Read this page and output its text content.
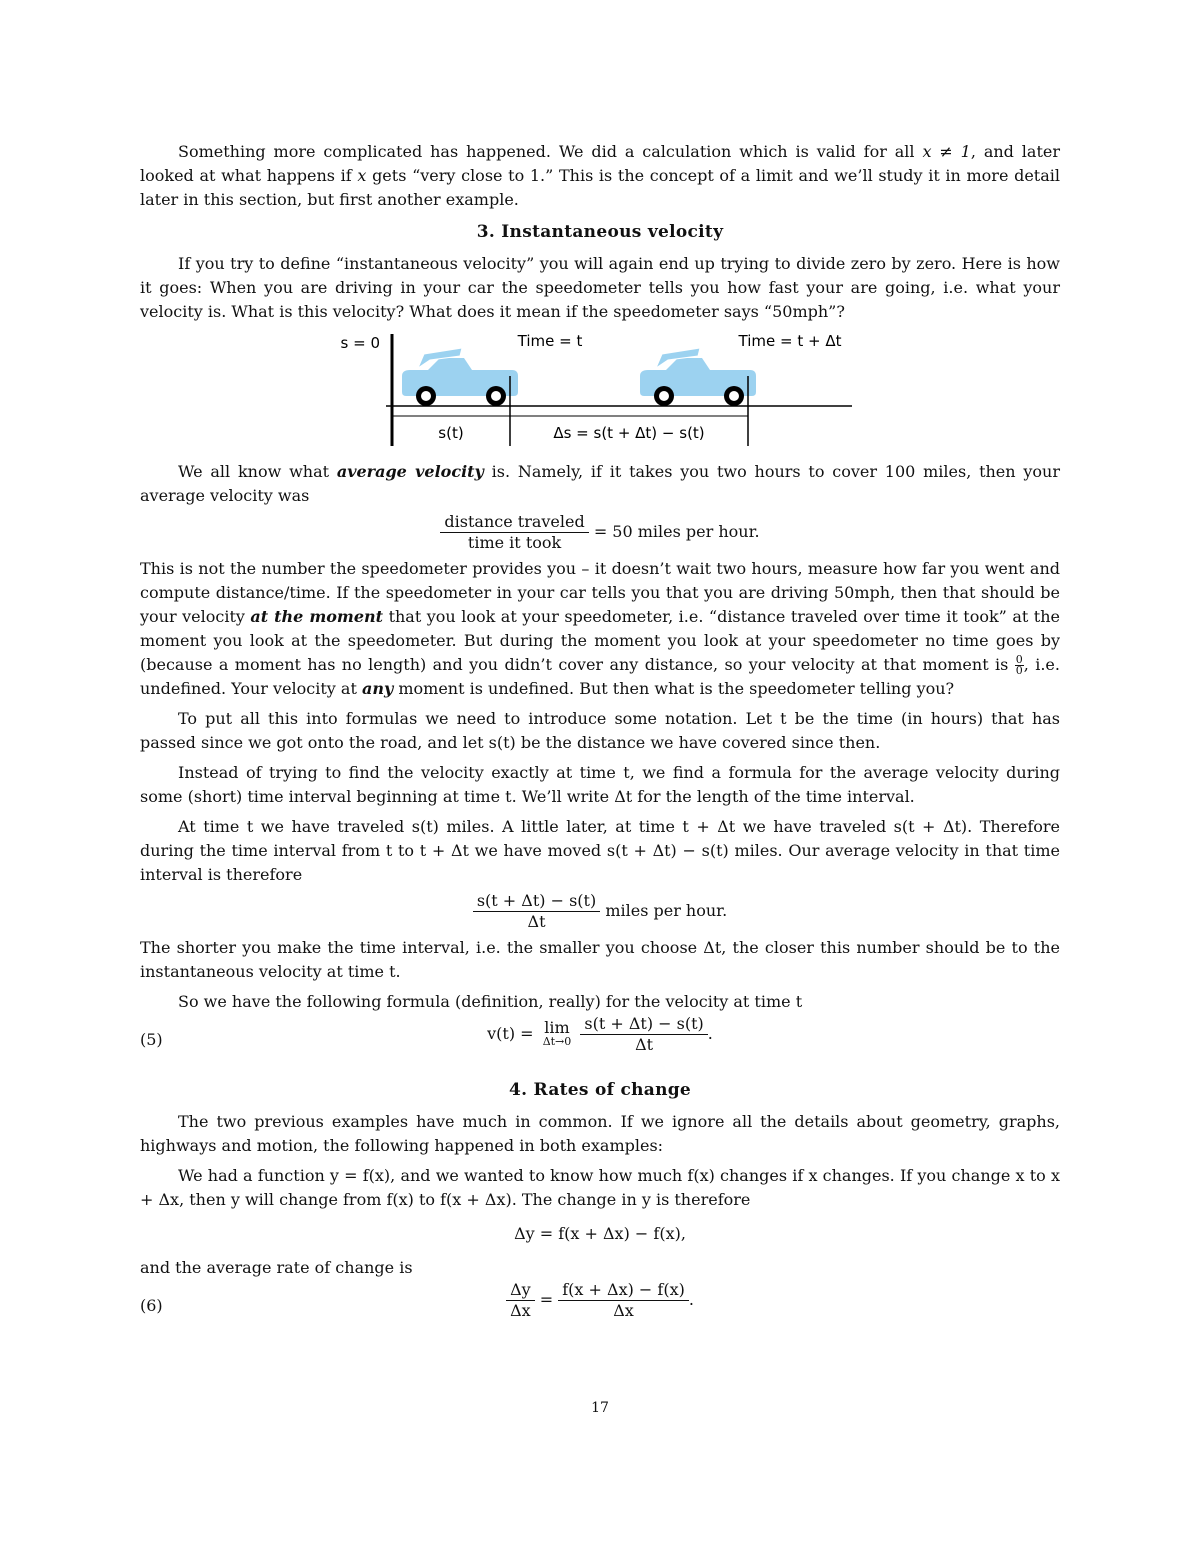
Something more complicated has happened. We did a calculation which is valid for all x ≠ 1, and later looked at what happens if x gets “very close to 1.” This is the concept of a limit and we’ll study it in more detail later in this section, but first another example.

3. Instantaneous velocity

If you try to define “instantaneous velocity” you will again end up trying to divide zero by zero. Here is how it goes: When you are driving in your car the speedometer tells you how fast your are going, i.e. what your velocity is. What is this velocity? What does it mean if the speedometer says “50mph”?

s = 0	Time = t	Time = t + Δt
s(t)	Δs = s(t + Δt) − s(t)

We all know what average velocity is. Namely, if it takes you two hours to cover 100 miles, then your average velocity was

$\frac{\text{distance traveled}}{\text{time it took}} = 50$ miles per hour.

This is not the number the speedometer provides you – it doesn’t wait two hours, measure how far you went and compute distance/time. If the speedometer in your car tells you that you are driving 50mph, then that should be your velocity at the moment that you look at your speedometer, i.e. “distance traveled over time it took” at the moment you look at the speedometer. But during the moment you look at your speedometer no time goes by (because a moment has no length) and you didn’t cover any distance, so your velocity at that moment is $\frac{0}{0}$ , i.e. undefined. Your velocity at any moment is undefined. But then what is the speedometer telling you?

To put all this into formulas we need to introduce some notation. Let t be the time (in hours) that has passed since we got onto the road, and let s(t) be the distance we have covered since then.

Instead of trying to find the velocity exactly at time t, we find a formula for the average velocity during some (short) time interval beginning at time t. We’ll write Δt for the length of the time interval.

At time t we have traveled s(t) miles. A little later, at time t + Δt we have traveled s(t + Δt). Therefore during the time interval from t to t + Δt we have moved s(t + Δt) − s(t) miles. Our average velocity in that time interval is therefore

$\frac{s(t + \Delta t) - s(t)}{\Delta t}$ miles per hour.

The shorter you make the time interval, i.e. the smaller you choose Δt, the closer this number should be to the instantaneous velocity at time t.

So we have the following formula (definition, really) for the velocity at time t

(5)	v(t) = lim
Δt→0
$\frac{s(t + \Delta t) - s(t)}{\Delta t}$ .
4. Rates of change

The two previous examples have much in common. If we ignore all the details about geometry, graphs, highways and motion, the following happened in both examples:

We had a function y = f(x), and we wanted to know how much f(x) changes if x changes. If you change x to x + Δx, then y will change from f(x) to f(x + Δx). The change in y is therefore

Δy = f(x + Δx) − f(x),

and the average rate of change is

(6)	$\frac{\Delta y}{\Delta x} = \frac{f(x + \Delta x) - f(x)}{\Delta x}$ .
17
